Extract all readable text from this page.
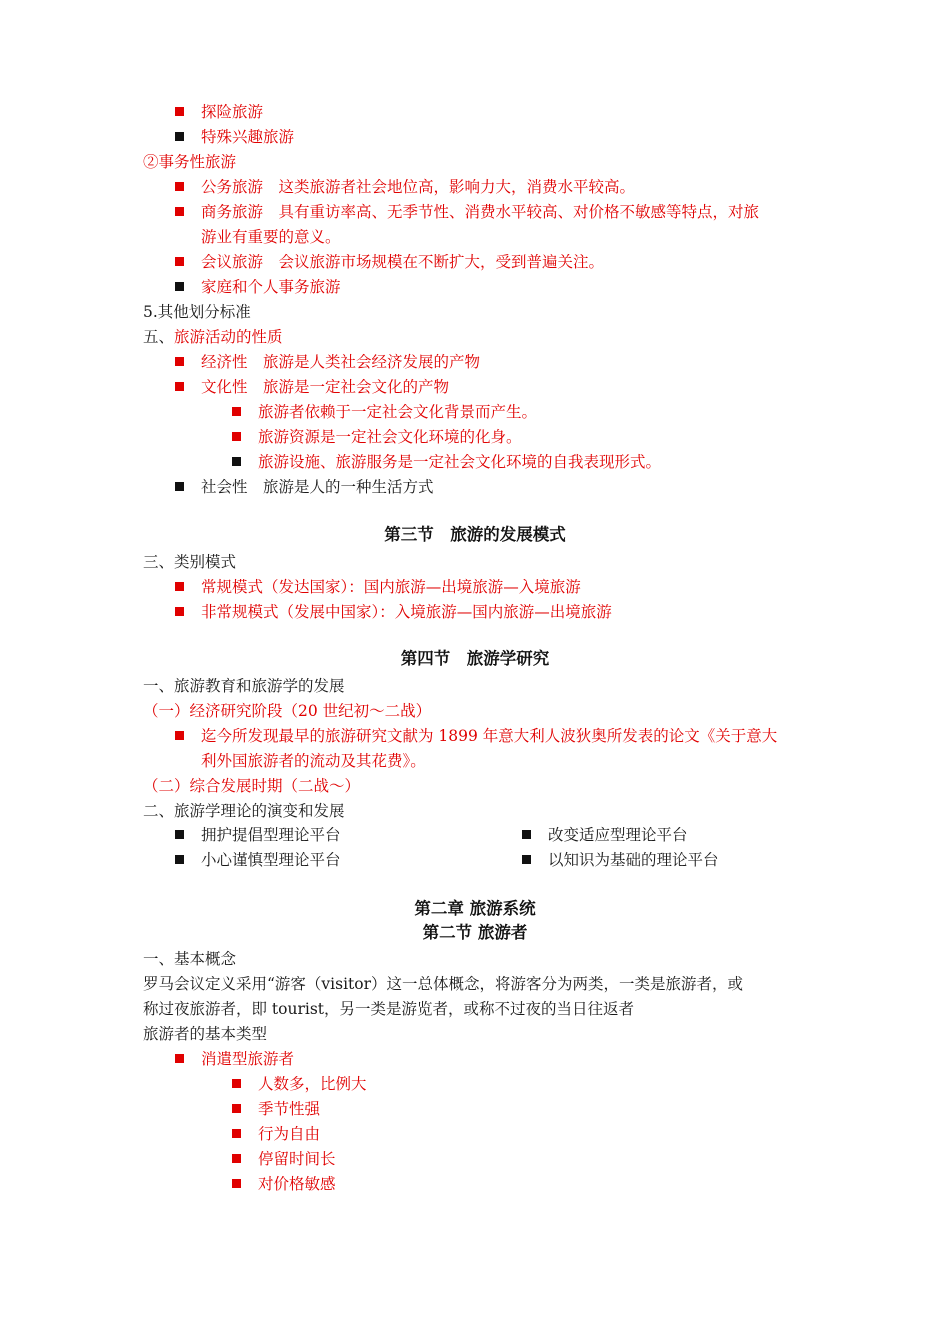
探险旅游
特殊兴趣旅游
②事务性旅游
公务旅游　这类旅游者社会地位高，影响力大，消费水平较高。
商务旅游　具有重访率高、无季节性、消费水平较高、对价格不敏感等特点，对旅
游业有重要的意义。
会议旅游　会议旅游市场规模在不断扩大，受到普遍关注。
家庭和个人事务旅游
5.其他划分标准
五、旅游活动的性质
经济性　旅游是人类社会经济发展的产物
文化性　旅游是一定社会文化的产物
旅游者依赖于一定社会文化背景而产生。
旅游资源是一定社会文化环境的化身。
旅游设施、旅游服务是一定社会文化环境的自我表现形式。
社会性　旅游是人的一种生活方式
第三节　旅游的发展模式
三、类别模式
常规模式（发达国家）：国内旅游—出境旅游—入境旅游
非常规模式（发展中国家）：入境旅游—国内旅游—出境旅游
第四节　旅游学研究
一、旅游教育和旅游学的发展
（一）经济研究阶段（20 世纪初～二战）
迄今所发现最早的旅游研究文献为 1899 年意大利人波狄奥所发表的论文《关于意大
利外国旅游者的流动及其花费》。
（二）综合发展时期（二战～）
二、旅游学理论的演变和发展
拥护提倡型理论平台	改变适应型理论平台
小心谨慎型理论平台	以知识为基础的理论平台
第二章 旅游系统
第二节 旅游者
一、基本概念
罗马会议定义采用“游客（visitor）这一总体概念，将游客分为两类，一类是旅游者，或
称过夜旅游者，即 tourist，另一类是游览者，或称不过夜的当日往返者
旅游者的基本类型
消遣型旅游者
人数多，比例大
季节性强
行为自由
停留时间长
对价格敏感
